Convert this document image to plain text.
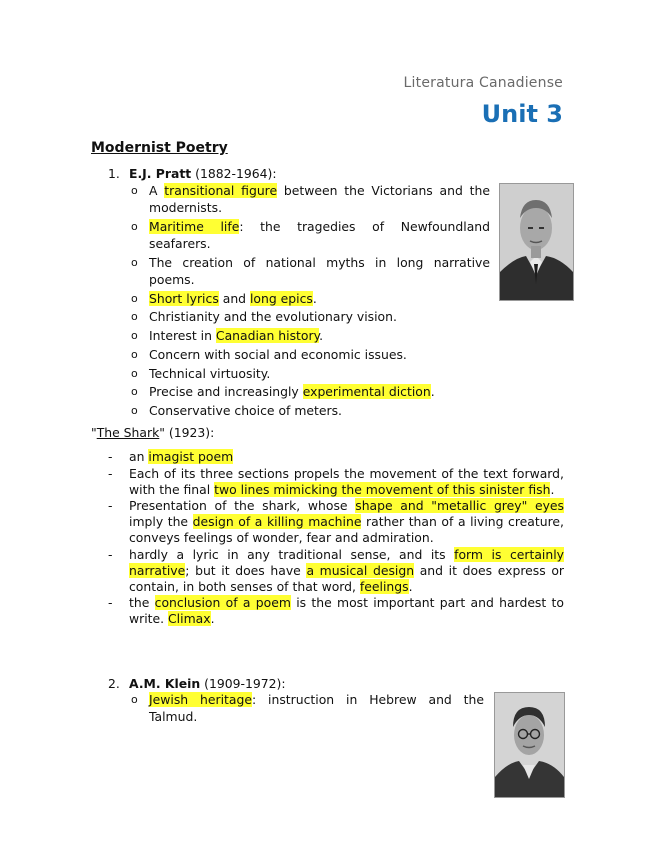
Literatura Canadiense
Unit 3
Modernist Poetry
1. E.J. Pratt (1882-1964):
o A transitional figure between the Victorians and the modernists.
o Maritime life: the tragedies of Newfoundland seafarers.
o The creation of national myths in long narrative poems.
o Short lyrics and long epics.
o Christianity and the evolutionary vision.
o Interest in Canadian history.
o Concern with social and economic issues.
o Technical virtuosity.
o Precise and increasingly experimental diction.
o Conservative choice of meters.
"The Shark" (1923):
- an imagist poem
- Each of its three sections propels the movement of the text forward, with the final two lines mimicking the movement of this sinister fish.
- Presentation of the shark, whose shape and "metallic grey" eyes imply the design of a killing machine rather than of a living creature, conveys feelings of wonder, fear and admiration.
- hardly a lyric in any traditional sense, and its form is certainly narrative; but it does have a musical design and it does express or contain, in both senses of that word, feelings.
- the conclusion of a poem is the most important part and hardest to write. Climax.
2. A.M. Klein (1909-1972):
o Jewish heritage: instruction in Hebrew and the Talmud.
